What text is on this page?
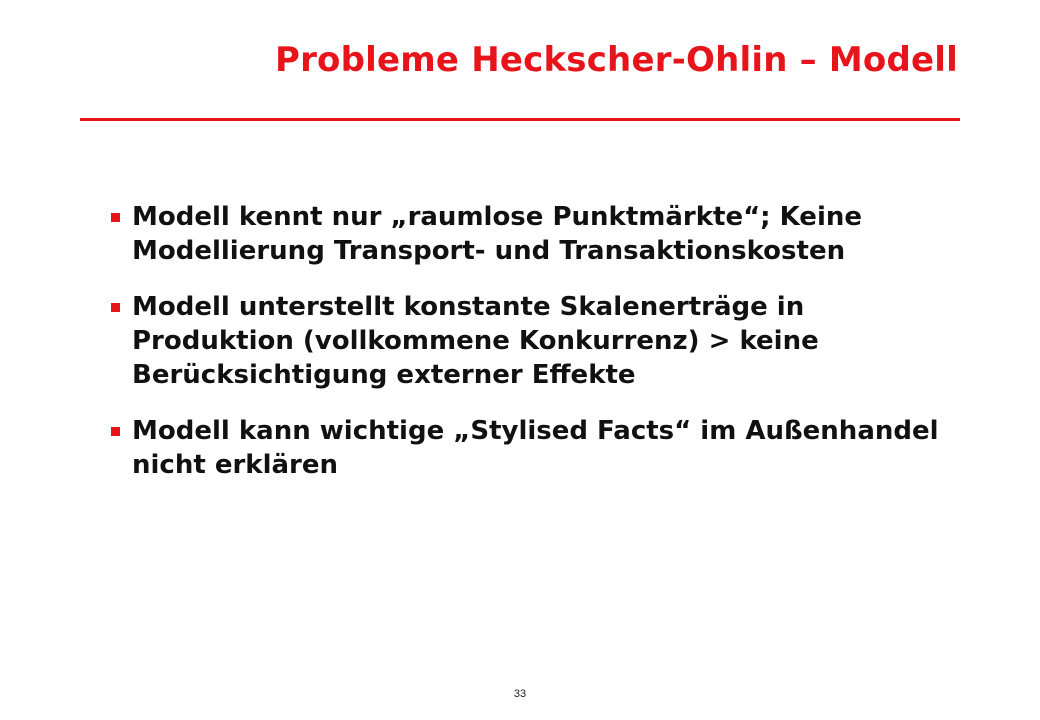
Probleme Heckscher-Ohlin – Modell
Modell kennt nur „raumlose Punktmärkte“; Keine Modellierung Transport- und Transaktionskosten
Modell unterstellt konstante Skalenerträge in Produktion (vollkommene Konkurrenz) > keine Berücksichtigung externer Effekte
Modell kann wichtige „Stylised Facts“ im Außenhandel nicht erklären
33
